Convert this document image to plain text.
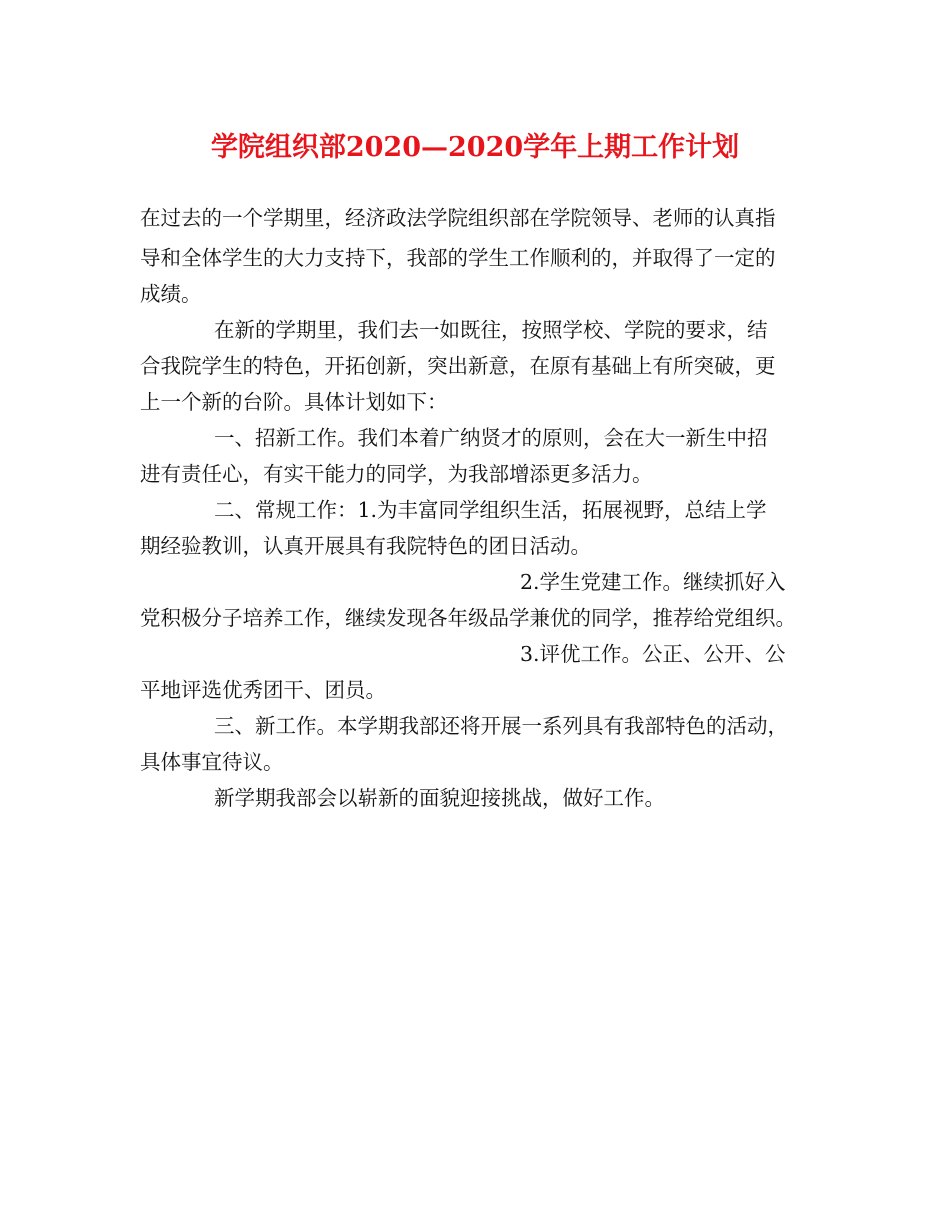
学院组织部2020—2020学年上期工作计划
在过去的一个学期里，经济政法学院组织部在学院领导、老师的认真指
导和全体学生的大力支持下，我部的学生工作顺利的，并取得了一定的
成绩。
在新的学期里，我们去一如既往，按照学校、学院的要求，结
合我院学生的特色，开拓创新，突出新意，在原有基础上有所突破，更
上一个新的台阶。具体计划如下：
一、招新工作。我们本着广纳贤才的原则，会在大一新生中招
进有责任心，有实干能力的同学，为我部增添更多活力。
二、常规工作：1.为丰富同学组织生活，拓展视野，总结上学
期经验教训，认真开展具有我院特色的团日活动。
2.学生党建工作。继续抓好入
党积极分子培养工作，继续发现各年级品学兼优的同学，推荐给党组织。
3.评优工作。公正、公开、公
平地评选优秀团干、团员。
三、新工作。本学期我部还将开展一系列具有我部特色的活动，
具体事宜待议。
新学期我部会以崭新的面貌迎接挑战，做好工作。
